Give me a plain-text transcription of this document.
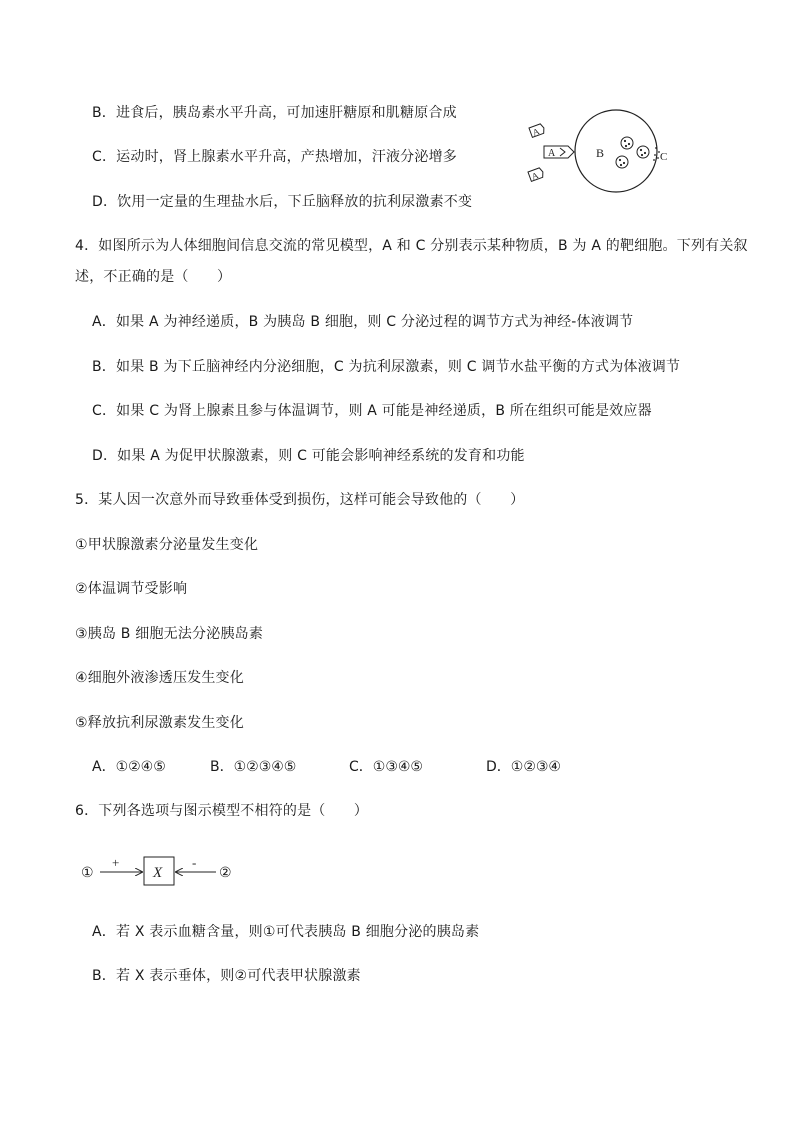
B．进食后，胰岛素水平升高，可加速肝糖原和肌糖原合成
C．运动时，肾上腺素水平升高，产热增加，汗液分泌增多
D．饮用一定量的生理盐水后，下丘脑释放的抗利尿激素不变
B
A
A
A
C
4．如图所示为人体细胞间信息交流的常见模型，A 和 C 分别表示某种物质，B 为 A 的靶细胞。下列有关叙
述，不正确的是（　　）
A．如果 A 为神经递质，B 为胰岛 B 细胞，则 C 分泌过程的调节方式为神经-体液调节
B．如果 B 为下丘脑神经内分泌细胞，C 为抗利尿激素，则 C 调节水盐平衡的方式为体液调节
C．如果 C 为肾上腺素且参与体温调节，则 A 可能是神经递质，B 所在组织可能是效应器
D．如果 A 为促甲状腺激素，则 C 可能会影响神经系统的发育和功能
5．某人因一次意外而导致垂体受到损伤，这样可能会导致他的（　　）
①甲状腺激素分泌量发生变化
②体温调节受影响
③胰岛 B 细胞无法分泌胰岛素
④细胞外液渗透压发生变化
⑤释放抗利尿激素发生变化
A．①②④⑤	B．①②③④⑤	C．①③④⑤	D．①②③④
6．下列各选项与图示模型不相符的是（　　）
①
+
X
-
②
A．若 X 表示血糖含量，则①可代表胰岛 B 细胞分泌的胰岛素
B．若 X 表示垂体，则②可代表甲状腺激素
